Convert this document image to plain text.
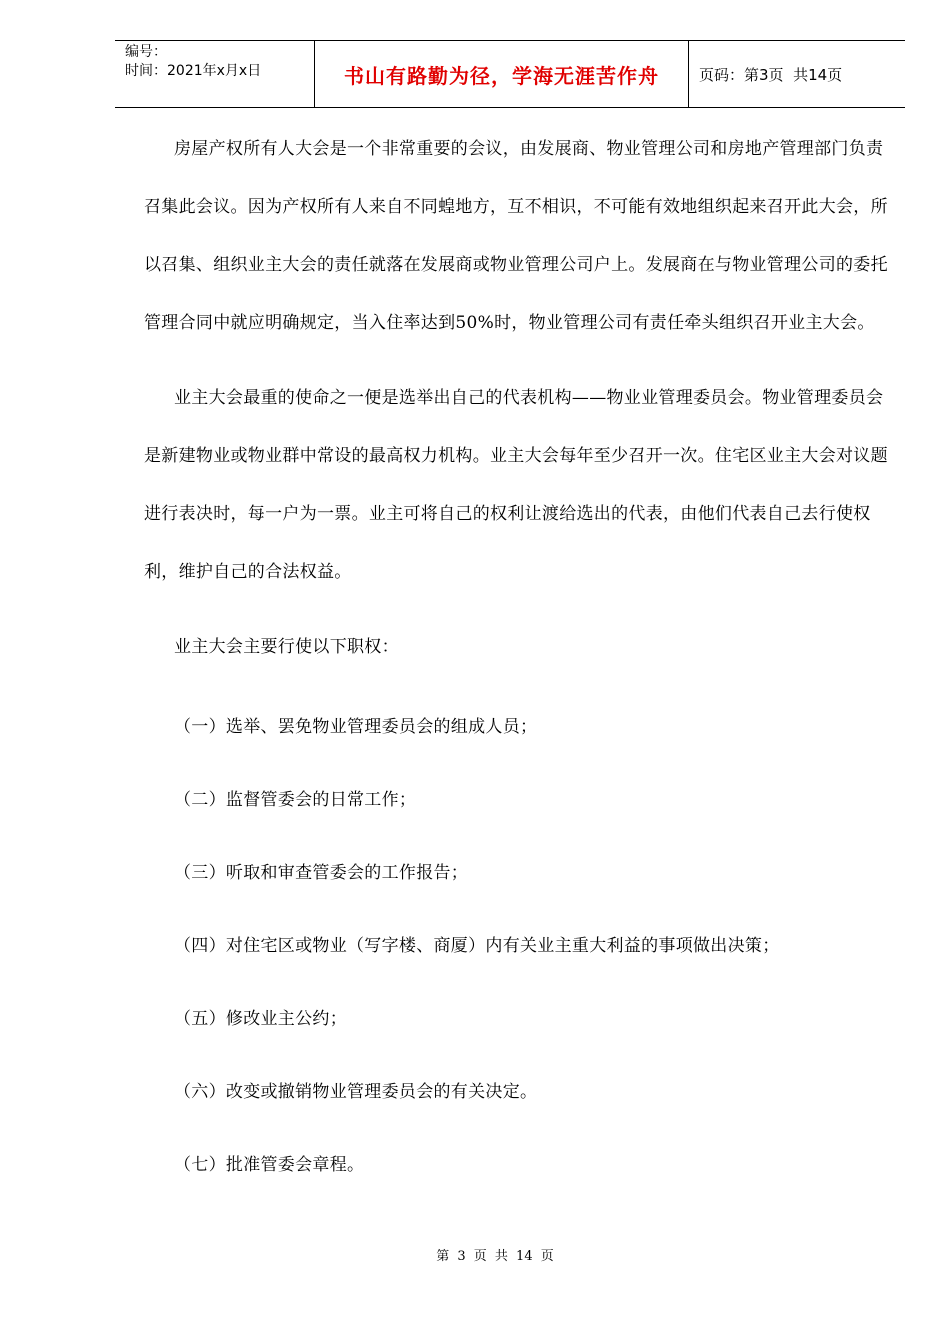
编号：
时间：2021年x月x日	书山有路勤为径，学海无涯苦作舟	页码：第3页  共14页

房屋产权所有人大会是一个非常重要的会议，由发展商、物业管理公司和房地产管理部门负责召集此会议。因为产权所有人来自不同蝗地方，互不相识，不可能有效地组织起来召开此大会，所以召集、组织业主大会的责任就落在发展商或物业管理公司户上。发展商在与物业管理公司的委托管理合同中就应明确规定，当入住率达到50%时，物业管理公司有责任牵头组织召开业主大会。

业主大会最重的使命之一便是选举出自己的代表机构——物业业管理委员会。物业管理委员会是新建物业或物业群中常设的最高权力机构。业主大会每年至少召开一次。住宅区业主大会对议题进行表决时，每一户为一票。业主可将自己的权利让渡给选出的代表，由他们代表自己去行使权利，维护自己的合法权益。

业主大会主要行使以下职权：

（一）选举、罢免物业管理委员会的组成人员；

（二）监督管委会的日常工作；

（三）听取和审查管委会的工作报告；

（四）对住宅区或物业（写字楼、商厦）内有关业主重大利益的事项做出决策；

（五）修改业主公约；

（六）改变或撤销物业管理委员会的有关决定。

（七）批准管委会章程。

第 3 页 共 14 页
